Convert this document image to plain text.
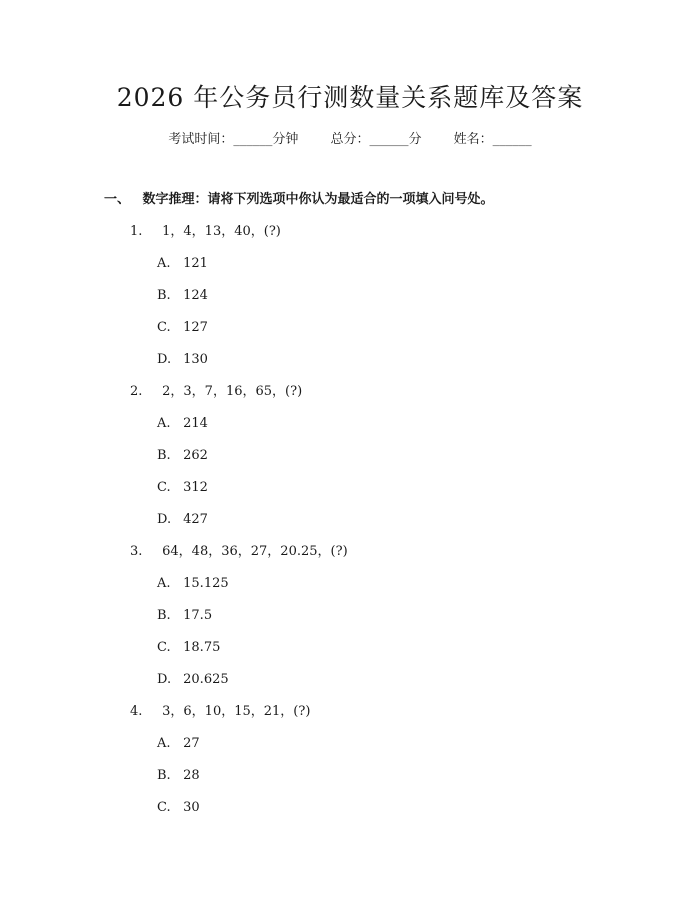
2026 年公务员行测数量关系题库及答案
考试时间：______分钟 总分：______分 姓名：______
一、 数字推理：请将下列选项中你认为最适合的一项填入问号处。
1. 1，4，13，40，(?)
A. 121
B. 124
C. 127
D. 130
2. 2，3，7，16，65，(?)
A. 214
B. 262
C. 312
D. 427
3. 64，48，36，27，20.25，(?)
A. 15.125
B. 17.5
C. 18.75
D. 20.625
4. 3，6，10，15，21，(?)
A. 27
B. 28
C. 30
